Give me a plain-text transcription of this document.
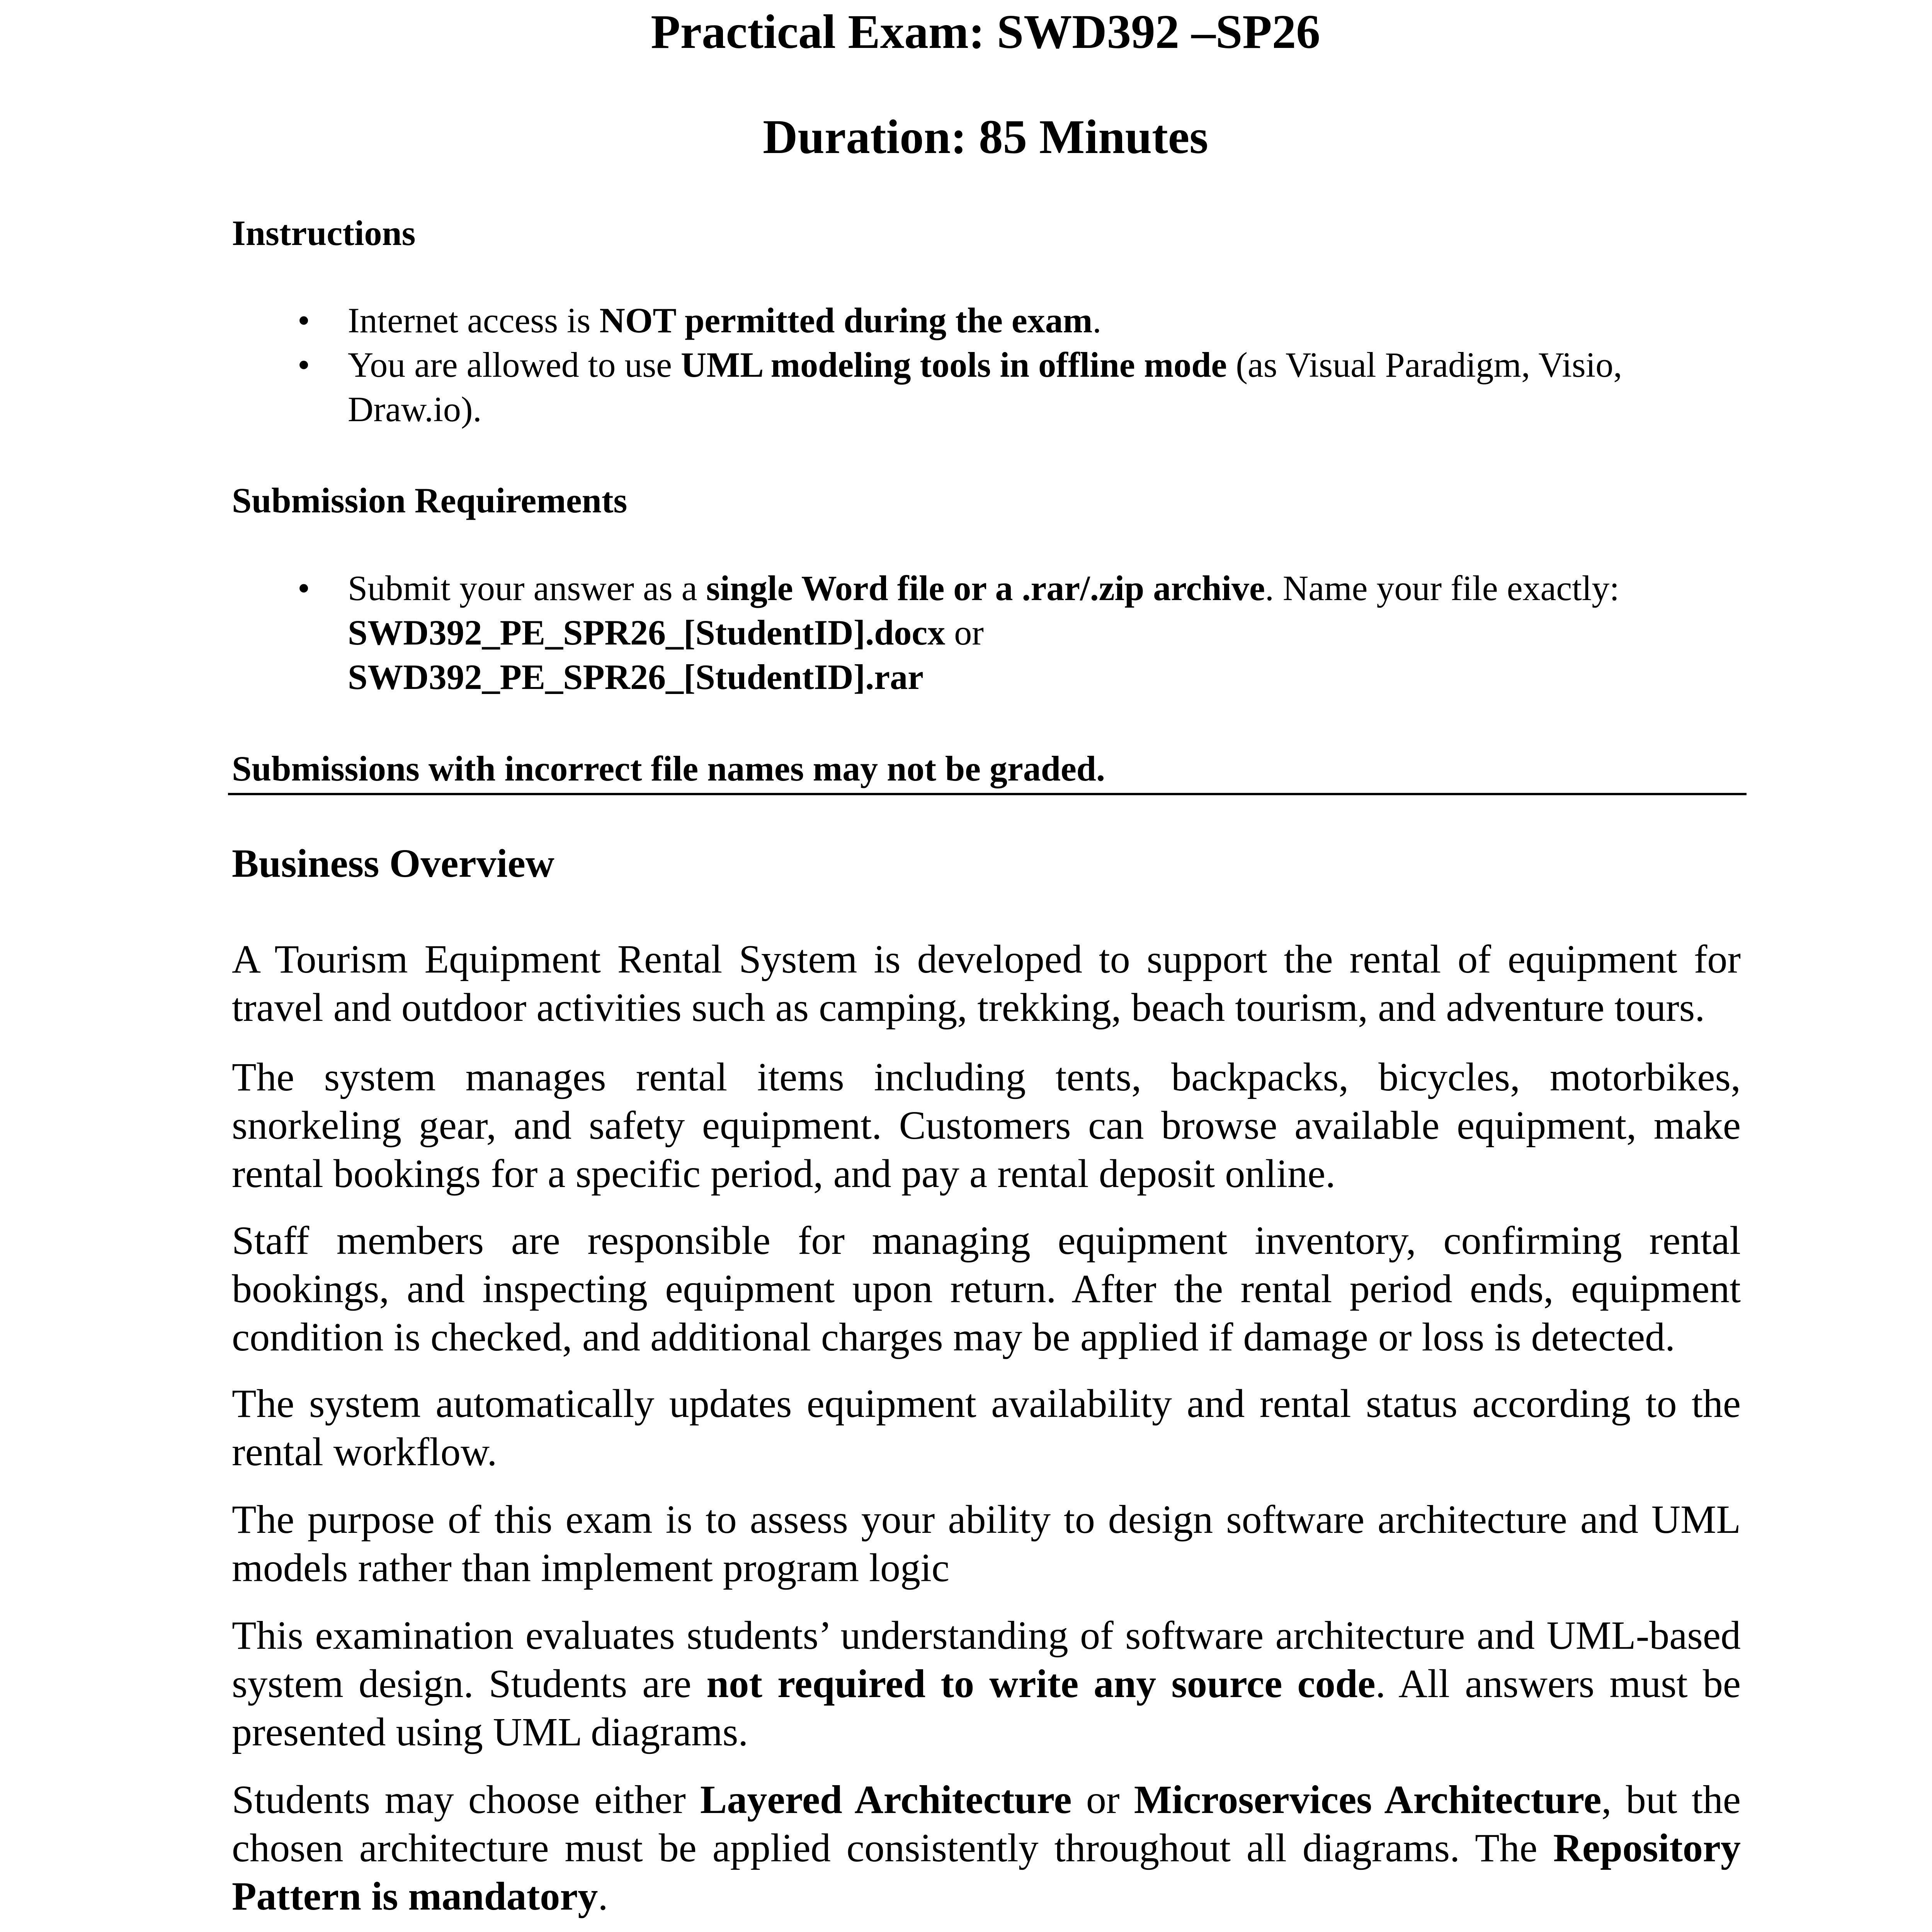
Practical Exam: SWD392 –SP26
Duration: 85 Minutes
Instructions
• Internet access is NOT permitted during the exam.
• You are allowed to use UML modeling tools in offline mode (as Visual Paradigm, Visio, Draw.io).
Submission Requirements
• Submit your answer as a single Word file or a .rar/.zip archive. Name your file exactly:
SWD392_PE_SPR26_[StudentID].docx or
SWD392_PE_SPR26_[StudentID].rar
Submissions with incorrect file names may not be graded.
Business Overview

A Tourism Equipment Rental System is developed to support the rental of equipment for travel and outdoor activities such as camping, trekking, beach tourism, and adventure tours.

The system manages rental items including tents, backpacks, bicycles, motorbikes, snorkeling gear, and safety equipment. Customers can browse available equipment, make rental bookings for a specific period, and pay a rental deposit online.

Staff members are responsible for managing equipment inventory, confirming rental bookings, and inspecting equipment upon return. After the rental period ends, equipment condition is checked, and additional charges may be applied if damage or loss is detected.

The system automatically updates equipment availability and rental status according to the rental workflow.

The purpose of this exam is to assess your ability to design software architecture and UML models rather than implement program logic

This examination evaluates students’ understanding of software architecture and UML-based system design. Students are not required to write any source code. All answers must be presented using UML diagrams.

Students may choose either Layered Architecture or Microservices Architecture, but the chosen architecture must be applied consistently throughout all diagrams. The Repository Pattern is mandatory.
